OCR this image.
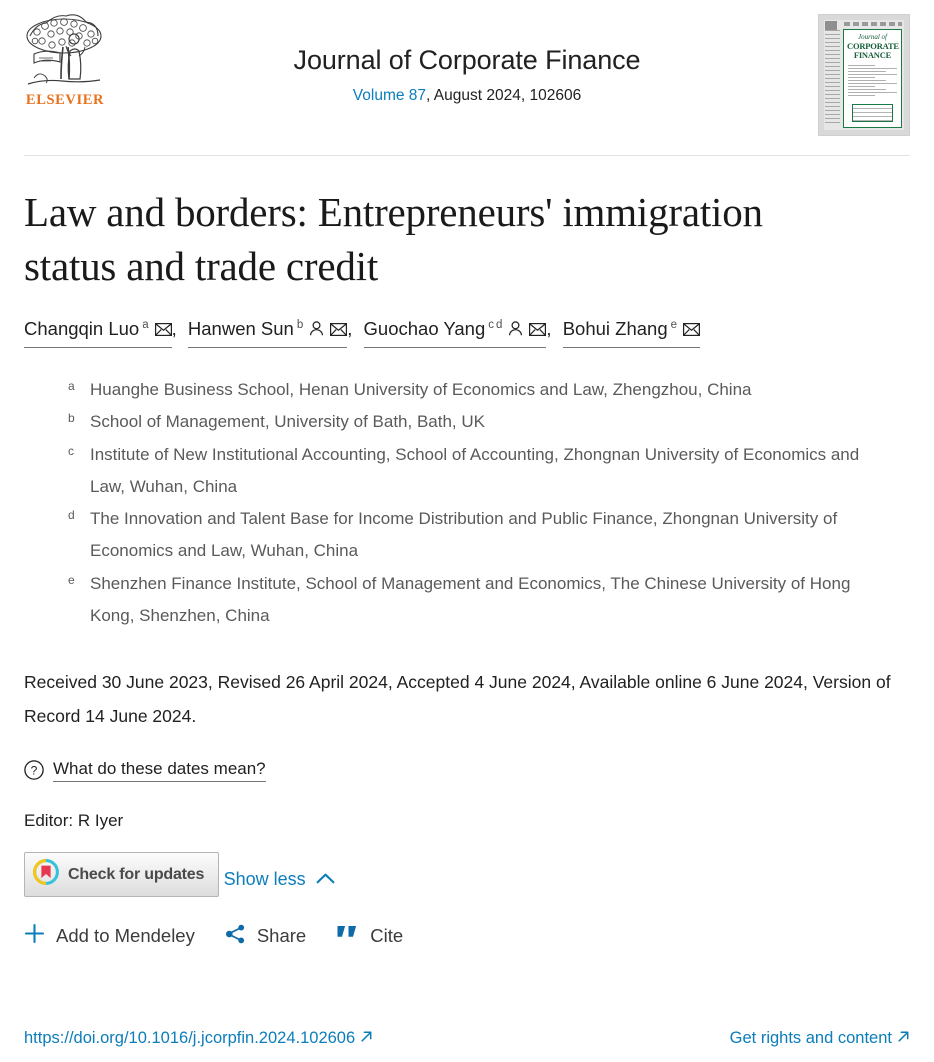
ELSEVIER
Journal of Corporate Finance
Volume 87, August 2024, 102606
Journal of
CORPORATE
FINANCE
Law and borders: Entrepreneurs' immigration status and trade credit
Changqin Luo $^a$ , Hanwen Sun $^b$ , Guochao Yang $^c$ $^d$ , Bohui Zhang $^e$
a Huanghe Business School, Henan University of Economics and Law, Zhengzhou, China
b School of Management, University of Bath, Bath, UK
c Institute of New Institutional Accounting, School of Accounting, Zhongnan University of Economics and Law, Wuhan, China
d The Innovation and Talent Base for Income Distribution and Public Finance, Zhongnan University of Economics and Law, Wuhan, China
e Shenzhen Finance Institute, School of Management and Economics, The Chinese University of Hong Kong, Shenzhen, China
Received 30 June 2023, Revised 26 April 2024, Accepted 4 June 2024, Available online 6 June 2024, Version of Record 14 June 2024.
? What do these dates mean?
Editor: R Iyer
Check for updates
Show less
Add to Mendeley	Share	Cite
https://doi.org/10.1016/j.jcorpfin.2024.102606	Get rights and content
